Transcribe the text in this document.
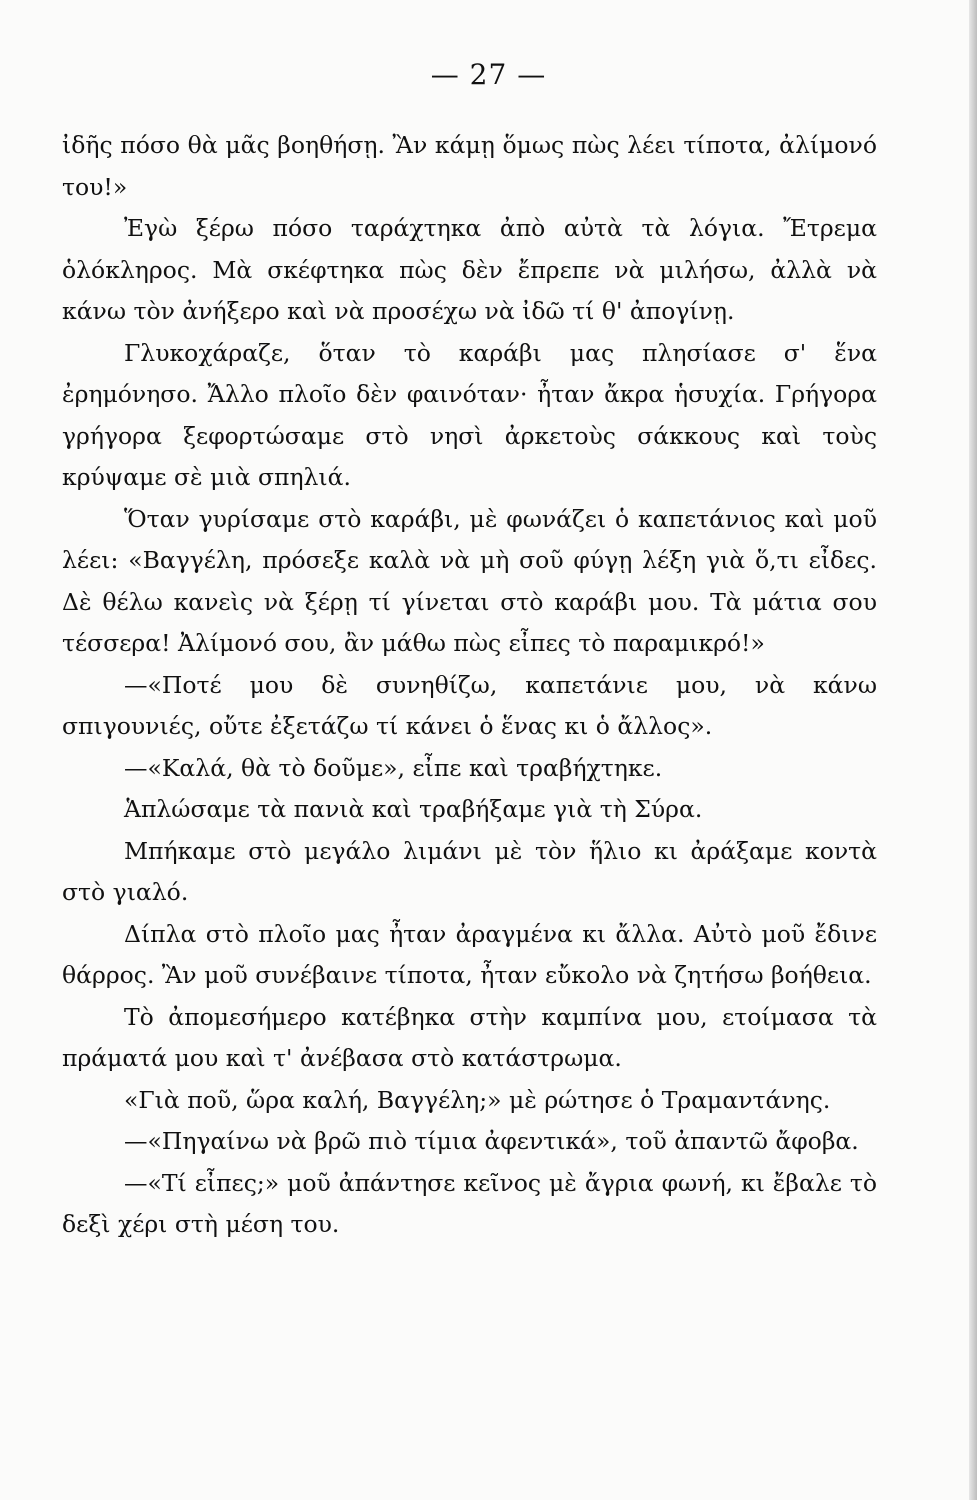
— 27 —

ἰδῆς πόσο θὰ μᾶς βοηθήσῃ. Ἂν κάμῃ ὅμως πὼς λέει τίποτα, ἀλίμονό του!»

Ἐγὼ ξέρω πόσο ταράχτηκα ἀπὸ αὐτὰ τὰ λόγια. Ἔτρεμα ὁλόκληρος. Μὰ σκέφτηκα πὼς δὲν ἔπρεπε νὰ μιλήσω, ἀλλὰ νὰ κάνω τὸν ἀνήξερο καὶ νὰ προσέχω νὰ ἰδῶ τί θ' ἀπογίνῃ.

Γλυκοχάραζε, ὅταν τὸ καράβι μας πλησίασε σ' ἕνα ἐρημόνησο. Ἄλλο πλοῖο δὲν φαινόταν· ἦταν ἄκρα ἡσυχία. Γρήγορα γρήγορα ξεφορτώσαμε στὸ νησὶ ἀρκετοὺς σάκκους καὶ τοὺς κρύψαμε σὲ μιὰ σπηλιά.

Ὅταν γυρίσαμε στὸ καράβι, μὲ φωνάζει ὁ καπετάνιος καὶ μοῦ λέει: «Βαγγέλη, πρόσεξε καλὰ νὰ μὴ σοῦ φύγῃ λέξη γιὰ ὅ,τι εἶδες. Δὲ θέλω κανεὶς νὰ ξέρῃ τί γίνεται στὸ καράβι μου. Τὰ μάτια σου τέσσερα! Ἀλίμονό σου, ἂν μάθω πὼς εἶπες τὸ παραμικρό!»

—«Ποτέ μου δὲ συνηθίζω, καπετάνιε μου, νὰ κάνω σπιγουνιές, οὔτε ἐξετάζω τί κάνει ὁ ἕνας κι ὁ ἄλλος».

—«Καλά, θὰ τὸ δοῦμε», εἶπε καὶ τραβήχτηκε.

Ἁπλώσαμε τὰ πανιὰ καὶ τραβήξαμε γιὰ τὴ Σύρα.

Μπήκαμε στὸ μεγάλο λιμάνι μὲ τὸν ἥλιο κι ἀράξαμε κοντὰ στὸ γιαλό.

Δίπλα στὸ πλοῖο μας ἦταν ἀραγμένα κι ἄλλα. Αὐτὸ μοῦ ἔδινε θάρρος. Ἂν μοῦ συνέβαινε τίποτα, ἦταν εὔκολο νὰ ζητήσω βοήθεια.

Τὸ ἀπομεσήμερο κατέβηκα στὴν καμπίνα μου, ετοίμασα τὰ πράματά μου καὶ τ' ἀνέβασα στὸ κατάστρωμα.

«Γιὰ ποῦ, ὥρα καλή, Βαγγέλη;» μὲ ρώτησε ὁ Τραμαντάνης.

—«Πηγαίνω νὰ βρῶ πιὸ τίμια ἀφεντικά», τοῦ ἀπαντῶ ἄφοβα.

—«Τί εἶπες;» μοῦ ἀπάντησε κεῖνος μὲ ἄγρια φωνή, κι ἔβαλε τὸ δεξὶ χέρι στὴ μέση του.
